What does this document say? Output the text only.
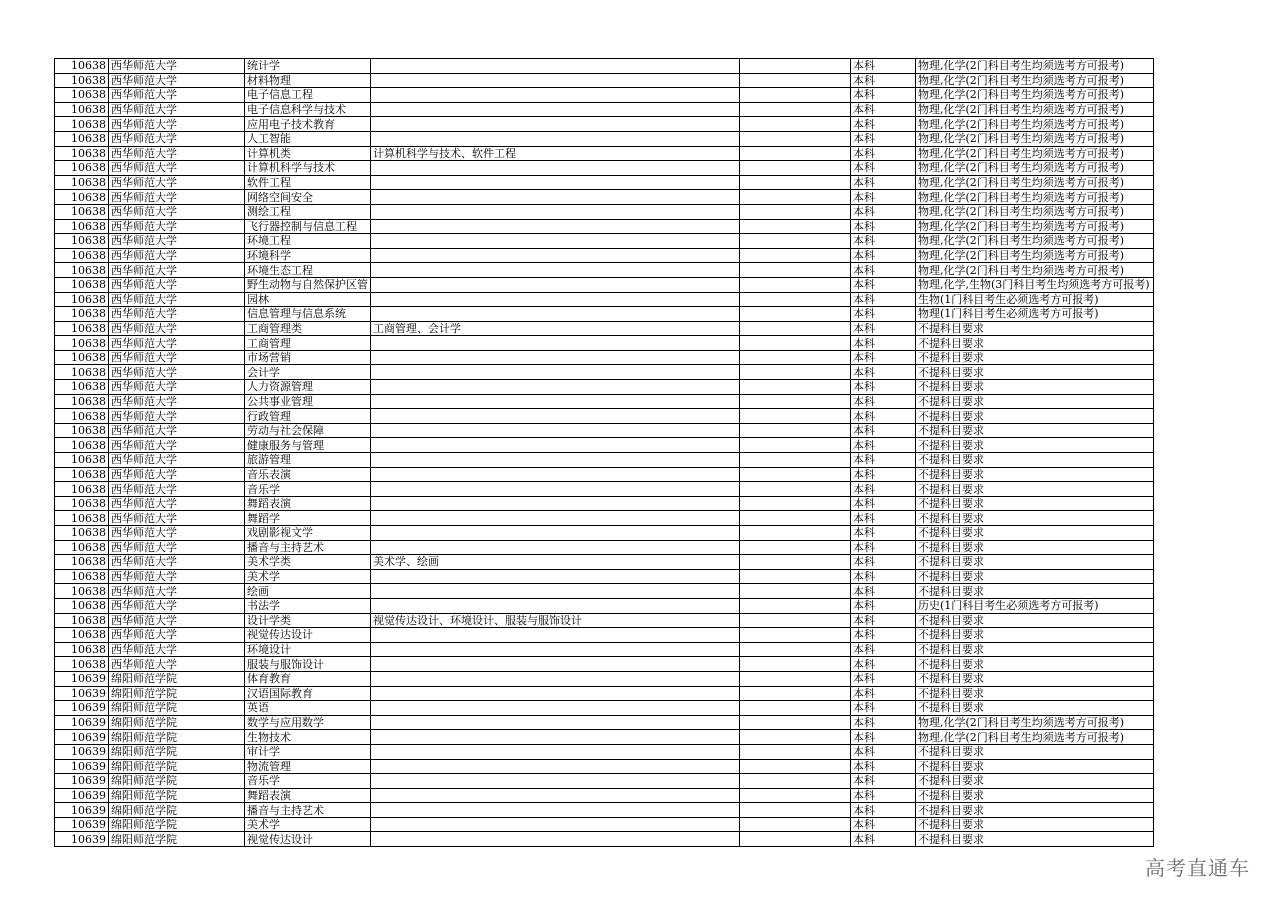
10638	西华师范大学	统计学			本科	物理,化学(2门科目考生均须选考方可报考)
10638	西华师范大学	材料物理			本科	物理,化学(2门科目考生均须选考方可报考)
10638	西华师范大学	电子信息工程			本科	物理,化学(2门科目考生均须选考方可报考)
10638	西华师范大学	电子信息科学与技术			本科	物理,化学(2门科目考生均须选考方可报考)
10638	西华师范大学	应用电子技术教育			本科	物理,化学(2门科目考生均须选考方可报考)
10638	西华师范大学	人工智能			本科	物理,化学(2门科目考生均须选考方可报考)
10638	西华师范大学	计算机类	计算机科学与技术、软件工程		本科	物理,化学(2门科目考生均须选考方可报考)
10638	西华师范大学	计算机科学与技术			本科	物理,化学(2门科目考生均须选考方可报考)
10638	西华师范大学	软件工程			本科	物理,化学(2门科目考生均须选考方可报考)
10638	西华师范大学	网络空间安全			本科	物理,化学(2门科目考生均须选考方可报考)
10638	西华师范大学	测绘工程			本科	物理,化学(2门科目考生均须选考方可报考)
10638	西华师范大学	飞行器控制与信息工程			本科	物理,化学(2门科目考生均须选考方可报考)
10638	西华师范大学	环境工程			本科	物理,化学(2门科目考生均须选考方可报考)
10638	西华师范大学	环境科学			本科	物理,化学(2门科目考生均须选考方可报考)
10638	西华师范大学	环境生态工程			本科	物理,化学(2门科目考生均须选考方可报考)
10638	西华师范大学	野生动物与自然保护区管			本科	物理,化学,生物(3门科目考生均须选考方可报考)
10638	西华师范大学	园林			本科	生物(1门科目考生必须选考方可报考)
10638	西华师范大学	信息管理与信息系统			本科	物理(1门科目考生必须选考方可报考)
10638	西华师范大学	工商管理类	工商管理、会计学		本科	不提科目要求
10638	西华师范大学	工商管理			本科	不提科目要求
10638	西华师范大学	市场营销			本科	不提科目要求
10638	西华师范大学	会计学			本科	不提科目要求
10638	西华师范大学	人力资源管理			本科	不提科目要求
10638	西华师范大学	公共事业管理			本科	不提科目要求
10638	西华师范大学	行政管理			本科	不提科目要求
10638	西华师范大学	劳动与社会保障			本科	不提科目要求
10638	西华师范大学	健康服务与管理			本科	不提科目要求
10638	西华师范大学	旅游管理			本科	不提科目要求
10638	西华师范大学	音乐表演			本科	不提科目要求
10638	西华师范大学	音乐学			本科	不提科目要求
10638	西华师范大学	舞蹈表演			本科	不提科目要求
10638	西华师范大学	舞蹈学			本科	不提科目要求
10638	西华师范大学	戏剧影视文学			本科	不提科目要求
10638	西华师范大学	播音与主持艺术			本科	不提科目要求
10638	西华师范大学	美术学类	美术学、绘画		本科	不提科目要求
10638	西华师范大学	美术学			本科	不提科目要求
10638	西华师范大学	绘画			本科	不提科目要求
10638	西华师范大学	书法学			本科	历史(1门科目考生必须选考方可报考)
10638	西华师范大学	设计学类	视觉传达设计、环境设计、服装与服饰设计		本科	不提科目要求
10638	西华师范大学	视觉传达设计			本科	不提科目要求
10638	西华师范大学	环境设计			本科	不提科目要求
10638	西华师范大学	服装与服饰设计			本科	不提科目要求
10639	绵阳师范学院	体育教育			本科	不提科目要求
10639	绵阳师范学院	汉语国际教育			本科	不提科目要求
10639	绵阳师范学院	英语			本科	不提科目要求
10639	绵阳师范学院	数学与应用数学			本科	物理,化学(2门科目考生均须选考方可报考)
10639	绵阳师范学院	生物技术			本科	物理,化学(2门科目考生均须选考方可报考)
10639	绵阳师范学院	审计学			本科	不提科目要求
10639	绵阳师范学院	物流管理			本科	不提科目要求
10639	绵阳师范学院	音乐学			本科	不提科目要求
10639	绵阳师范学院	舞蹈表演			本科	不提科目要求
10639	绵阳师范学院	播音与主持艺术			本科	不提科目要求
10639	绵阳师范学院	美术学			本科	不提科目要求
10639	绵阳师范学院	视觉传达设计			本科	不提科目要求
高考直通车
